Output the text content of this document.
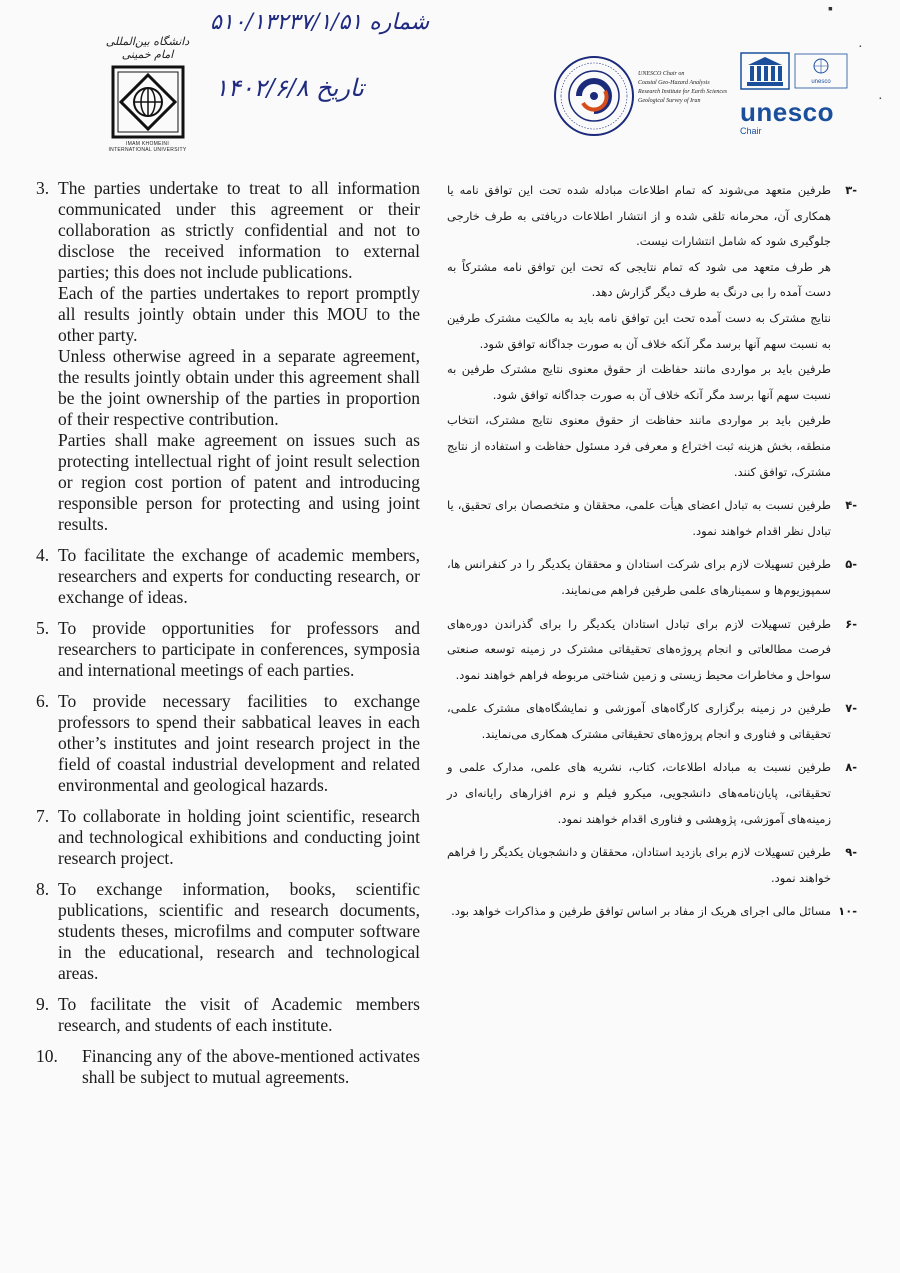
شماره ۵۱۰/۱۳۲۳۷/۱/۵۱
تاریخ ۱۴۰۲/۶/۸
دانشگاه بین‌المللی امام خمینی
IMAM KHOMEINI
INTERNATIONAL UNIVERSITY
UNESCO Chair on
Coastal Geo-Hazard Analysis
Research Institute for Earth Sciences
Geological Survey of Iran
unesco
unesco
Chair
▪
·
·
3. The parties undertake to treat to all information communicated under this agreement or their collaboration as strictly confidential and not to disclose the received information to external parties; this does not include publications.

Each of the parties undertakes to report promptly all results jointly obtain under this MOU to the other party.

Unless otherwise agreed in a separate agreement, the results jointly obtain under this agreement shall be the joint ownership of the parties in proportion of their respective contribution.

Parties shall make agreement on issues such as protecting intellectual right of joint result selection or region cost portion of patent and introducing responsible person for protecting and using joint results.

4. To facilitate the exchange of academic members, researchers and experts for conducting research, or exchange of ideas.

5. To provide opportunities for professors and researchers to participate in conferences, symposia and international meetings of each parties.

6. To provide necessary facilities to exchange professors to spend their sabbatical leaves in each other’s institutes and joint research project in the field of coastal industrial development and related environmental and geological hazards.

7. To collaborate in holding joint scientific, research and technological exhibitions and conducting joint research project.

8. To exchange information, books, scientific publications, scientific and research documents, students theses, microfilms and computer software in the educational, research and technological areas.

9. To facilitate the visit of Academic members research, and students of each institute.

10.	Financing any of the above-mentioned activates shall be subject to mutual agreements.

-۳

طرفین متعهد می‌شوند که تمام اطلاعات مبادله شده تحت این توافق نامه یا همکاری آن، محرمانه تلقی شده و از انتشار اطلاعات دریافتی به طرف خارجی جلوگیری شود که شامل انتشارات نیست.

هر طرف متعهد می شود که تمام نتایجی که تحت این توافق نامه مشترکاً به دست آمده را بی درنگ به طرف دیگر گزارش دهد.

نتایج مشترک به دست آمده تحت این توافق نامه باید به مالکیت مشترک طرفین به نسبت سهم آنها برسد مگر آنکه خلاف آن به صورت جداگانه توافق شود.

طرفین باید بر مواردی مانند حفاظت از حقوق معنوی نتایج مشترک طرفین به نسبت سهم آنها برسد مگر آنکه خلاف آن به صورت جداگانه توافق شود.

طرفین باید بر مواردی مانند حفاظت از حقوق معنوی نتایج مشترک، انتخاب منطقه، بخش هزینه ثبت اختراع و معرفی فرد مسئول حفاظت و استفاده از نتایج مشترک، توافق کنند.

-۴

طرفین نسبت به تبادل اعضای هیأت علمی، محققان و متخصصان برای تحقیق، یا تبادل نظر اقدام خواهند نمود.

-۵

طرفین تسهیلات لازم برای شرکت استادان و محققان یکدیگر را در کنفرانس ها، سمپوزیوم‌ها و سمینارهای علمی طرفین فراهم می‌نمایند.

-۶

طرفین تسهیلات لازم برای تبادل استادان یکدیگر را برای گذراندن دوره‌های فرصت مطالعاتی و انجام پروژه‌های تحقیقاتی مشترک در زمینه توسعه صنعتی سواحل و مخاطرات محیط زیستی و زمین شناختی مربوطه فراهم خواهند نمود.

-۷

طرفین در زمینه برگزاری کارگاه‌های آموزشی و نمایشگاه‌های مشترک علمی، تحقیقاتی و فناوری و انجام پروژه‌های تحقیقاتی مشترک همکاری می‌نمایند.

-۸

طرفین نسبت به مبادله اطلاعات، کتاب، نشریه های علمی، مدارک علمی و تحقیقاتی، پایان‌نامه‌های دانشجویی، میکرو فیلم و نرم افزارهای رایانه‌ای در زمینه‌های آموزشی، پژوهشی و فناوری اقدام خواهند نمود.

-۹

طرفین تسهیلات لازم برای بازدید استادان، محققان و دانشجویان یکدیگر را فراهم خواهند نمود.

-۱۰

مسائل مالی اجرای هریک از مفاد بر اساس توافق طرفین و مذاکرات خواهد بود.
